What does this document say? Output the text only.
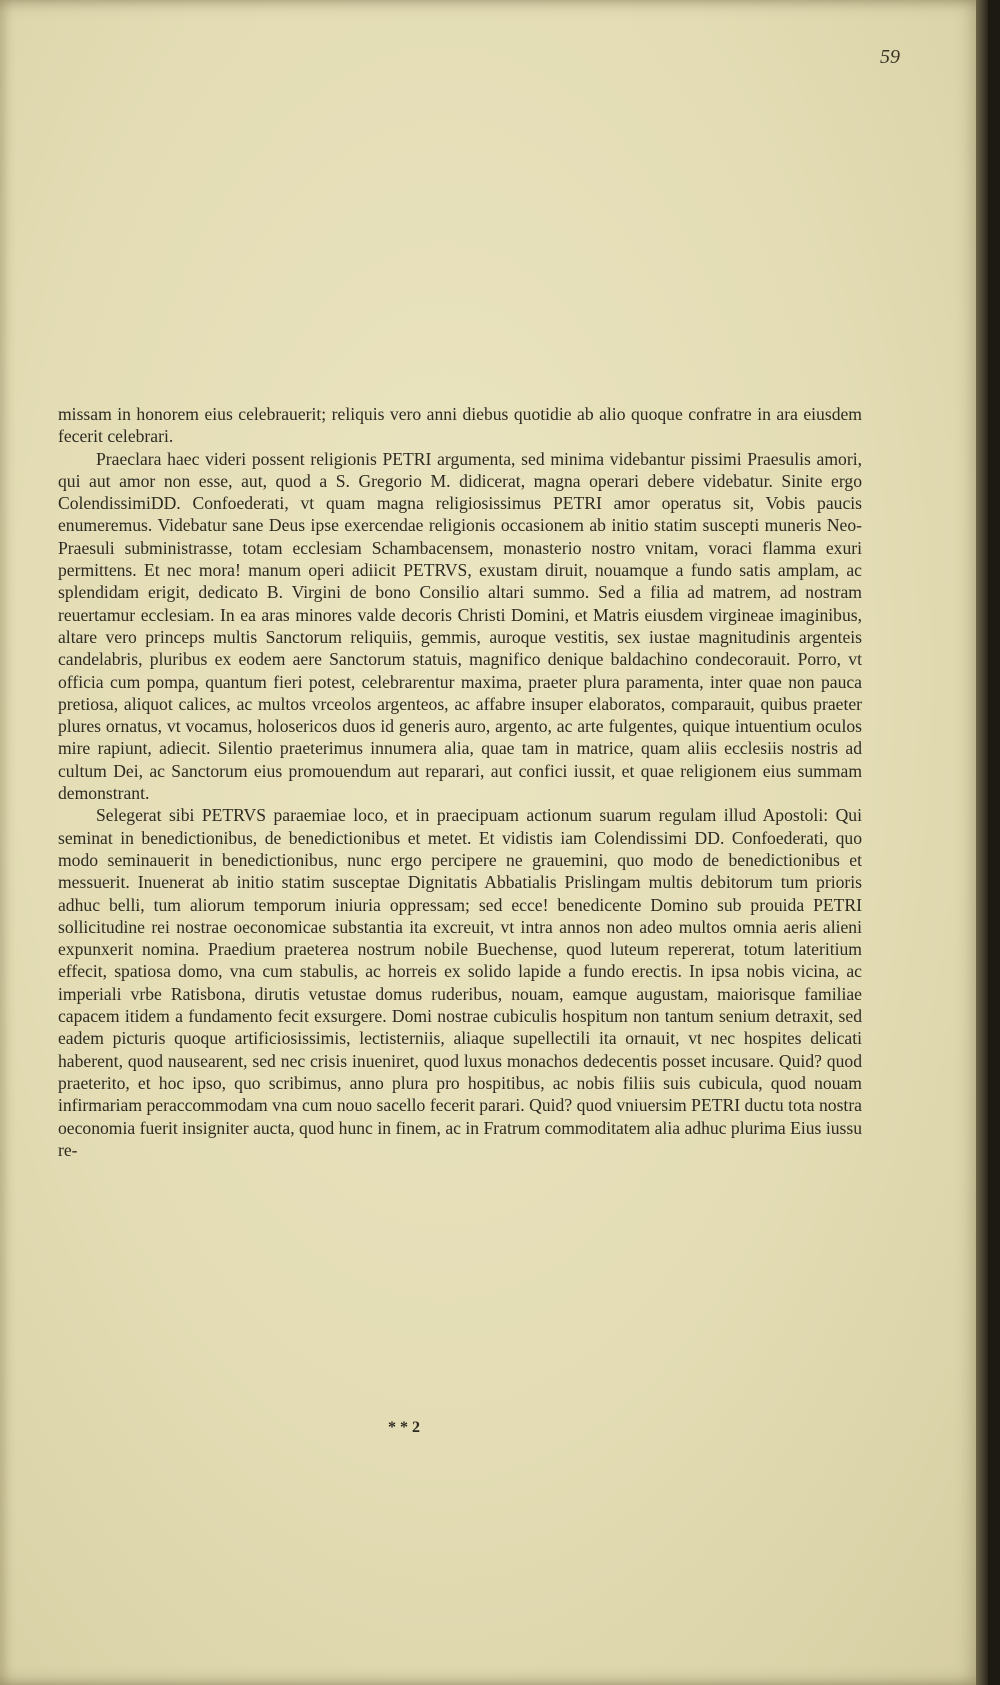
59

missam in honorem eius celebrauerit; reliquis vero anni diebus quotidie ab alio quoque confratre in ara eiusdem fecerit celebrari.

Praeclara haec videri possent religionis PETRI argumenta, sed minima videbantur pissimi Praesulis amori, qui aut amor non esse, aut, quod a S. Gregorio M. didicerat, magna operari debere videbatur. Sinite ergo ColendissimiDD. Confoederati, vt quam magna religiosissimus PETRI amor operatus sit, Vobis paucis enumeremus. Videbatur sane Deus ipse exercendae religionis occasionem ab initio statim suscepti muneris Neo-Praesuli subministrasse, totam ecclesiam Schambacensem, monasterio nostro vnitam, voraci flamma exuri permittens. Et nec mora! manum operi adiicit PETRVS, exustam diruit, nouamque a fundo satis amplam, ac splendidam erigit, dedicato B. Virgini de bono Consilio altari summo. Sed a filia ad matrem, ad nostram reuertamur ecclesiam. In ea aras minores valde decoris Christi Domini, et Matris eiusdem virgineae imaginibus, altare vero princeps multis Sanctorum reliquiis, gemmis, auroque vestitis, sex iustae magnitudinis argenteis candelabris, pluribus ex eodem aere Sanctorum statuis, magnifico denique baldachino condecorauit. Porro, vt officia cum pompa, quantum fieri potest, celebrarentur maxima, praeter plura paramenta, inter quae non pauca pretiosa, aliquot calices, ac multos vrceolos argenteos, ac affabre insuper elaboratos, comparauit, quibus praeter plures ornatus, vt vocamus, holosericos duos id generis auro, argento, ac arte fulgentes, quique intuentium oculos mire rapiunt, adiecit. Silentio praeterimus innumera alia, quae tam in matrice, quam aliis ecclesiis nostris ad cultum Dei, ac Sanctorum eius promouendum aut reparari, aut confici iussit, et quae religionem eius summam demonstrant.

Selegerat sibi PETRVS paraemiae loco, et in praecipuam actionum suarum regulam illud Apostoli: Qui seminat in benedictionibus, de benedictionibus et metet. Et vidistis iam Colendissimi DD. Confoederati, quo modo seminauerit in benedictionibus, nunc ergo percipere ne grauemini, quo modo de benedictionibus et messuerit. Inuenerat ab initio statim susceptae Dignitatis Abbatialis Prislingam multis debitorum tum prioris adhuc belli, tum aliorum temporum iniuria oppressam; sed ecce! benedicente Domino sub prouida PETRI sollicitudine rei nostrae oeconomicae substantia ita excreuit, vt intra annos non adeo multos omnia aeris alieni expunxerit nomina. Praedium praeterea nostrum nobile Buechense, quod luteum repererat, totum lateritium effecit, spatiosa domo, vna cum stabulis, ac horreis ex solido lapide a fundo erectis. In ipsa nobis vicina, ac imperiali vrbe Ratisbona, dirutis vetustae domus ruderibus, nouam, eamque augustam, maiorisque familiae capacem itidem a fundamento fecit exsurgere. Domi nostrae cubiculis hospitum non tantum senium detraxit, sed eadem picturis quoque artificiosissimis, lectisterniis, aliaque supellectili ita ornauit, vt nec hospites delicati haberent, quod nausearent, sed nec crisis inueniret, quod luxus monachos dedecentis posset incusare. Quid? quod praeterito, et hoc ipso, quo scribimus, anno plura pro hospitibus, ac nobis filiis suis cubicula, quod nouam infirmariam peraccommodam vna cum nouo sacello fecerit parari. Quid? quod vniuersim PETRI ductu tota nostra oeconomia fuerit insigniter aucta, quod hunc in finem, ac in Fratrum commoditatem alia adhuc plurima Eius iussu re-

* * 2
